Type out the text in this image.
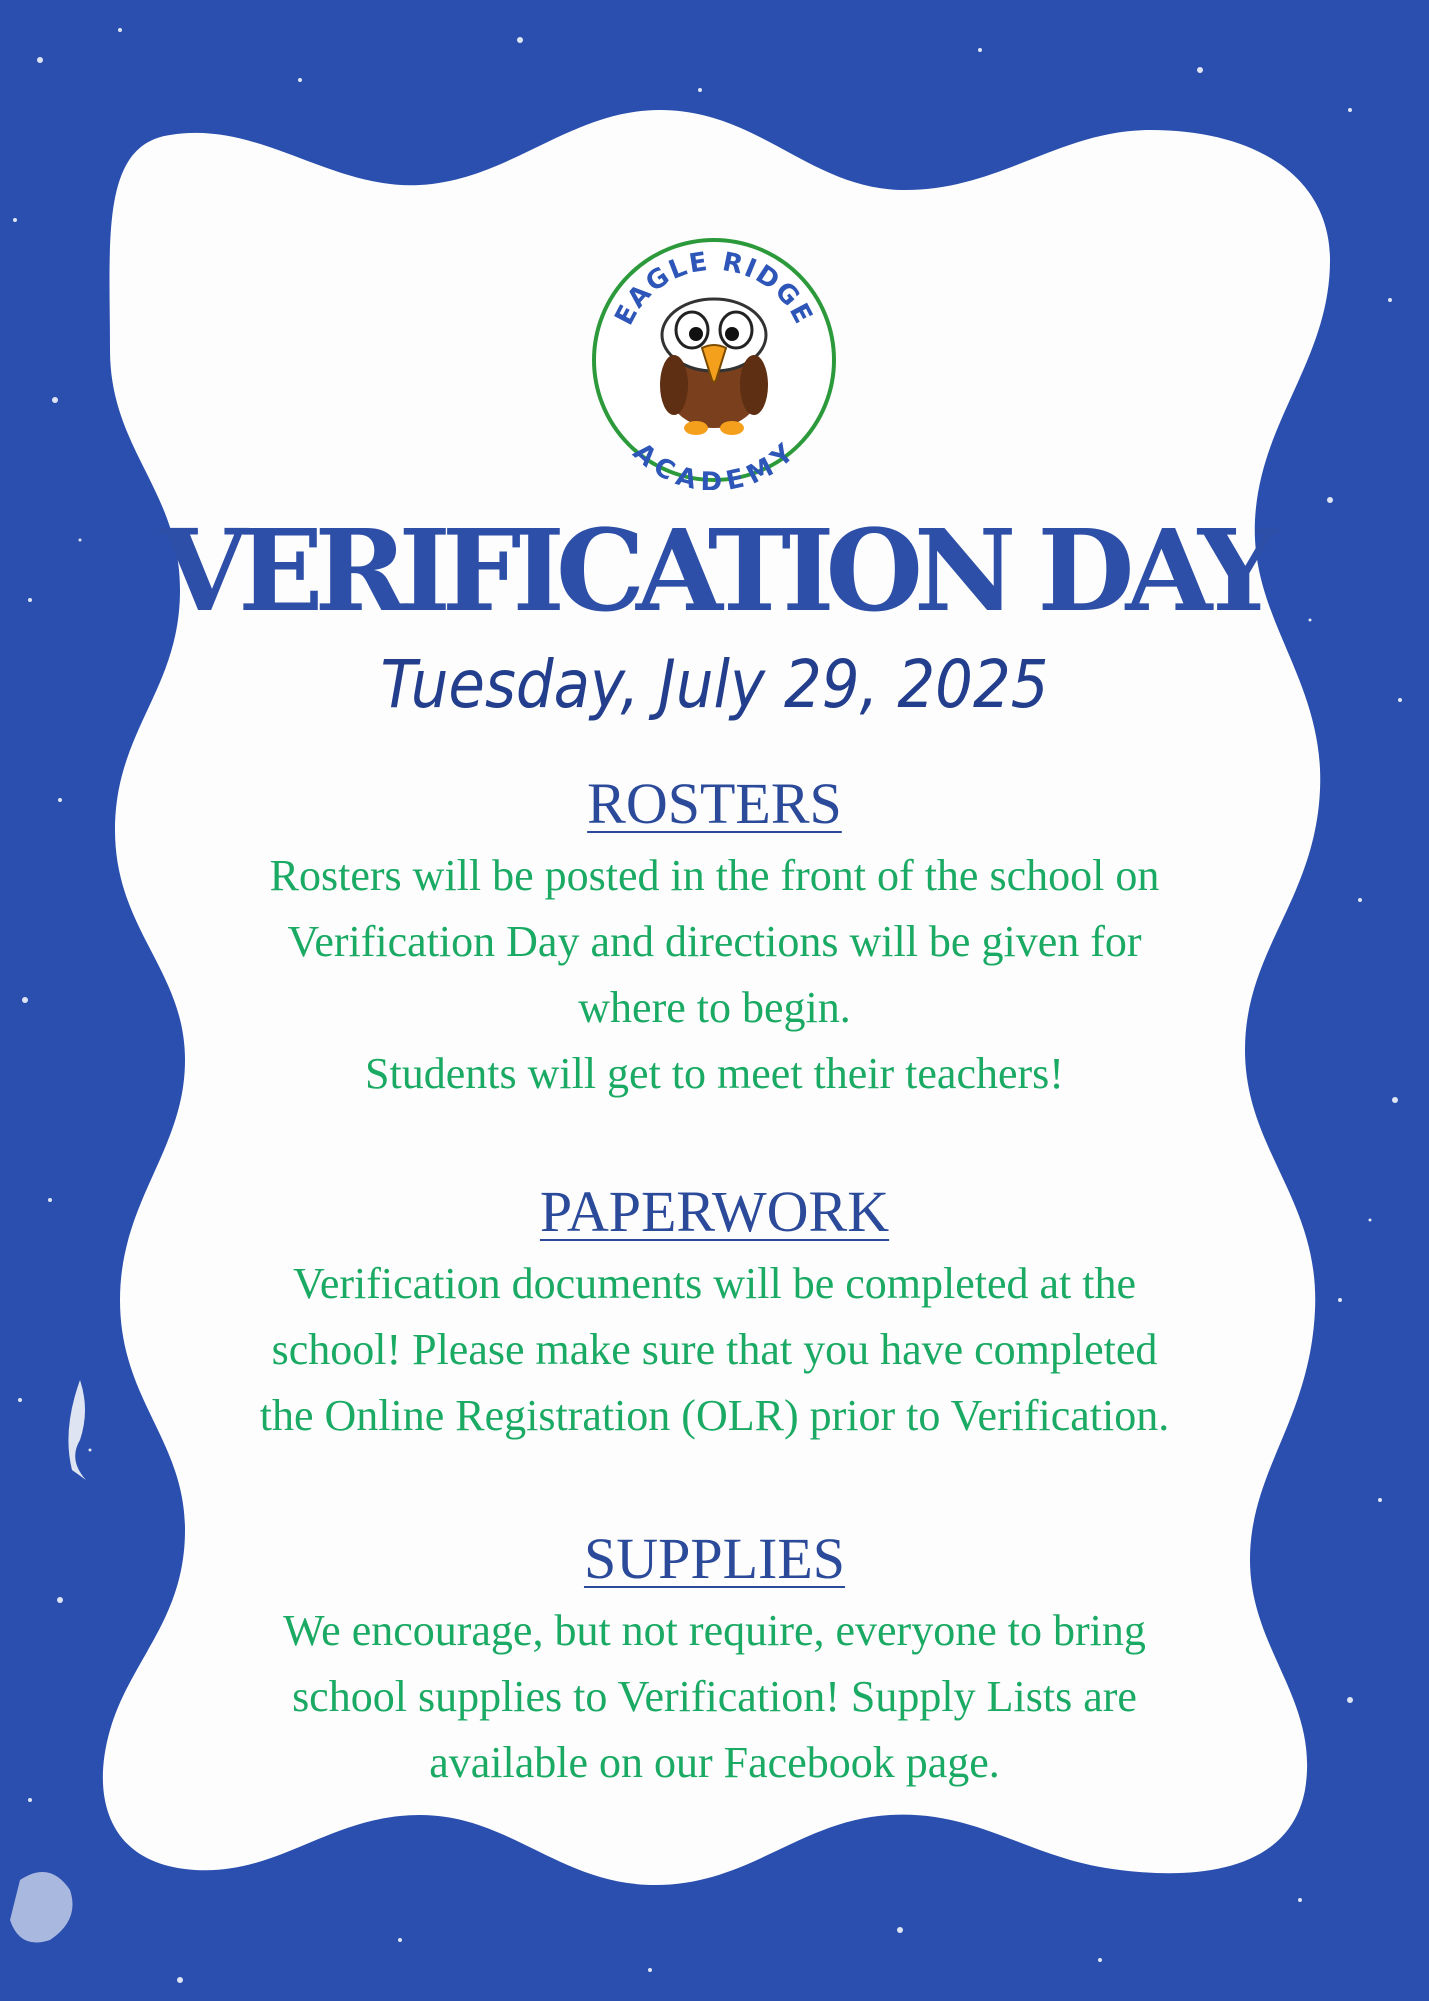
EAGLE RIDGE
ACADEMY
VERIFICATION DAY
Tuesday, July 29, 2025
ROSTERS
Rosters will be posted in the front of the school on
Verification Day and directions will be given for
where to begin.
Students will get to meet their teachers!
PAPERWORK
Verification documents will be completed at the
school! Please make sure that you have completed
the Online Registration (OLR) prior to Verification.
SUPPLIES
We encourage, but not require, everyone to bring
school supplies to Verification! Supply Lists are
available on our Facebook page.
